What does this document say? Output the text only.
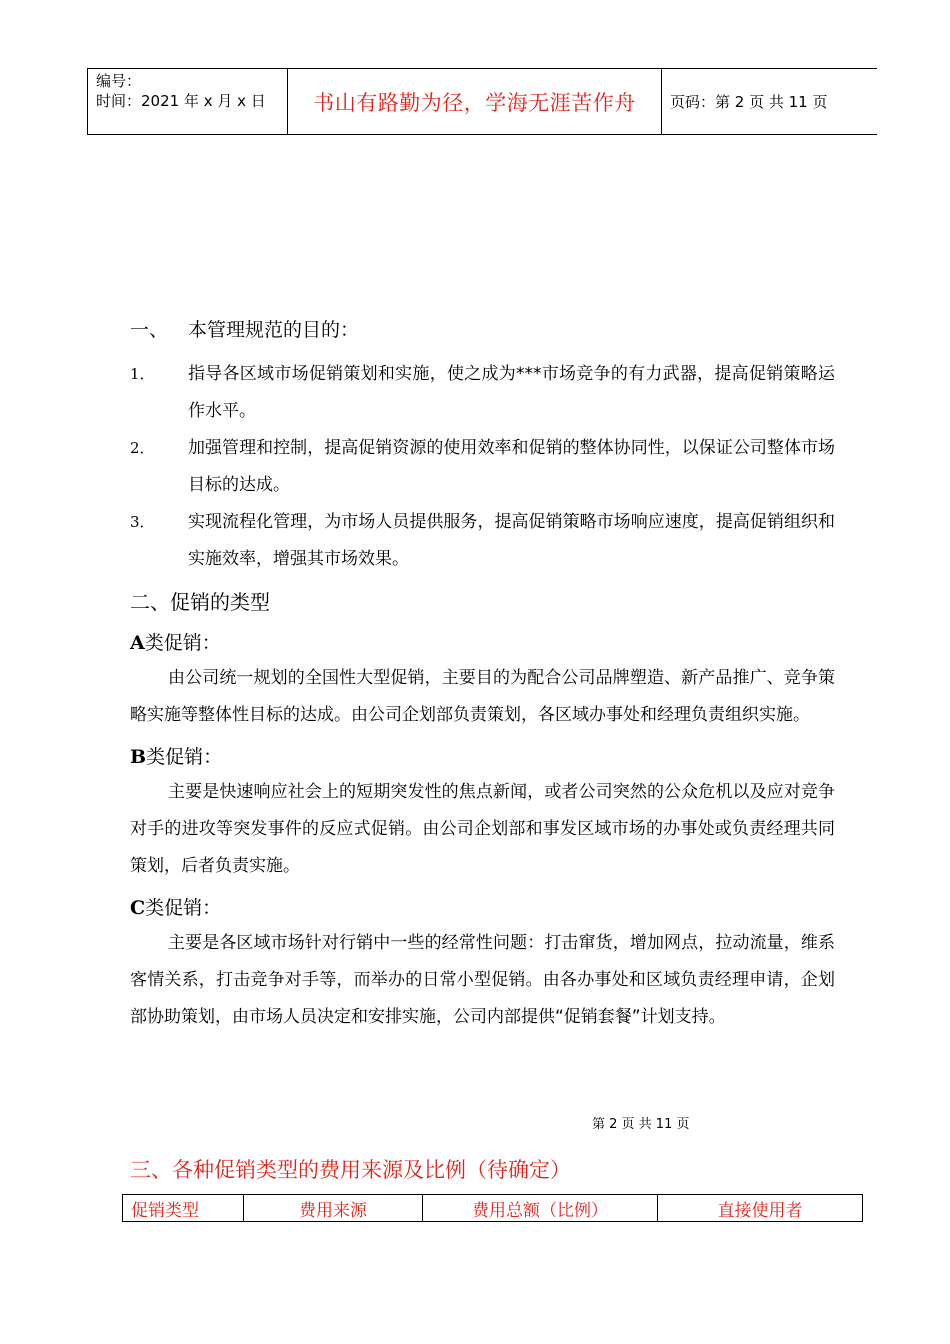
编号：
时间：2021 年 x 月 x 日	书山有路勤为径，学海无涯苦作舟	页码：第 2 页 共 11 页
一、 本管理规范的目的：
1． 指导各区域市场促销策划和实施，使之成为***市场竞争的有力武器，提高促销策略运作水平。
2． 加强管理和控制，提高促销资源的使用效率和促销的整体协同性，以保证公司整体市场目标的达成。
3． 实现流程化管理，为市场人员提供服务，提高促销策略市场响应速度，提高促销组织和实施效率，增强其市场效果。
二、促销的类型
A类促销：
由公司统一规划的全国性大型促销，主要目的为配合公司品牌塑造、新产品推广、竞争策略实施等整体性目标的达成。由公司企划部负责策划，各区域办事处和经理负责组织实施。
B类促销：
主要是快速响应社会上的短期突发性的焦点新闻，或者公司突然的公众危机以及应对竞争对手的进攻等突发事件的反应式促销。由公司企划部和事发区域市场的办事处或负责经理共同策划，后者负责实施。
C类促销：
主要是各区域市场针对行销中一些的经常性问题：打击窜货，增加网点，拉动流量，维系客情关系，打击竞争对手等，而举办的日常小型促销。由各办事处和区域负责经理申请，企划部协助策划，由市场人员决定和安排实施，公司内部提供“促销套餐”计划支持。
第 2 页 共 11 页
三、各种促销类型的费用来源及比例（待确定）
促销类型	费用来源	费用总额（比例）	直接使用者
